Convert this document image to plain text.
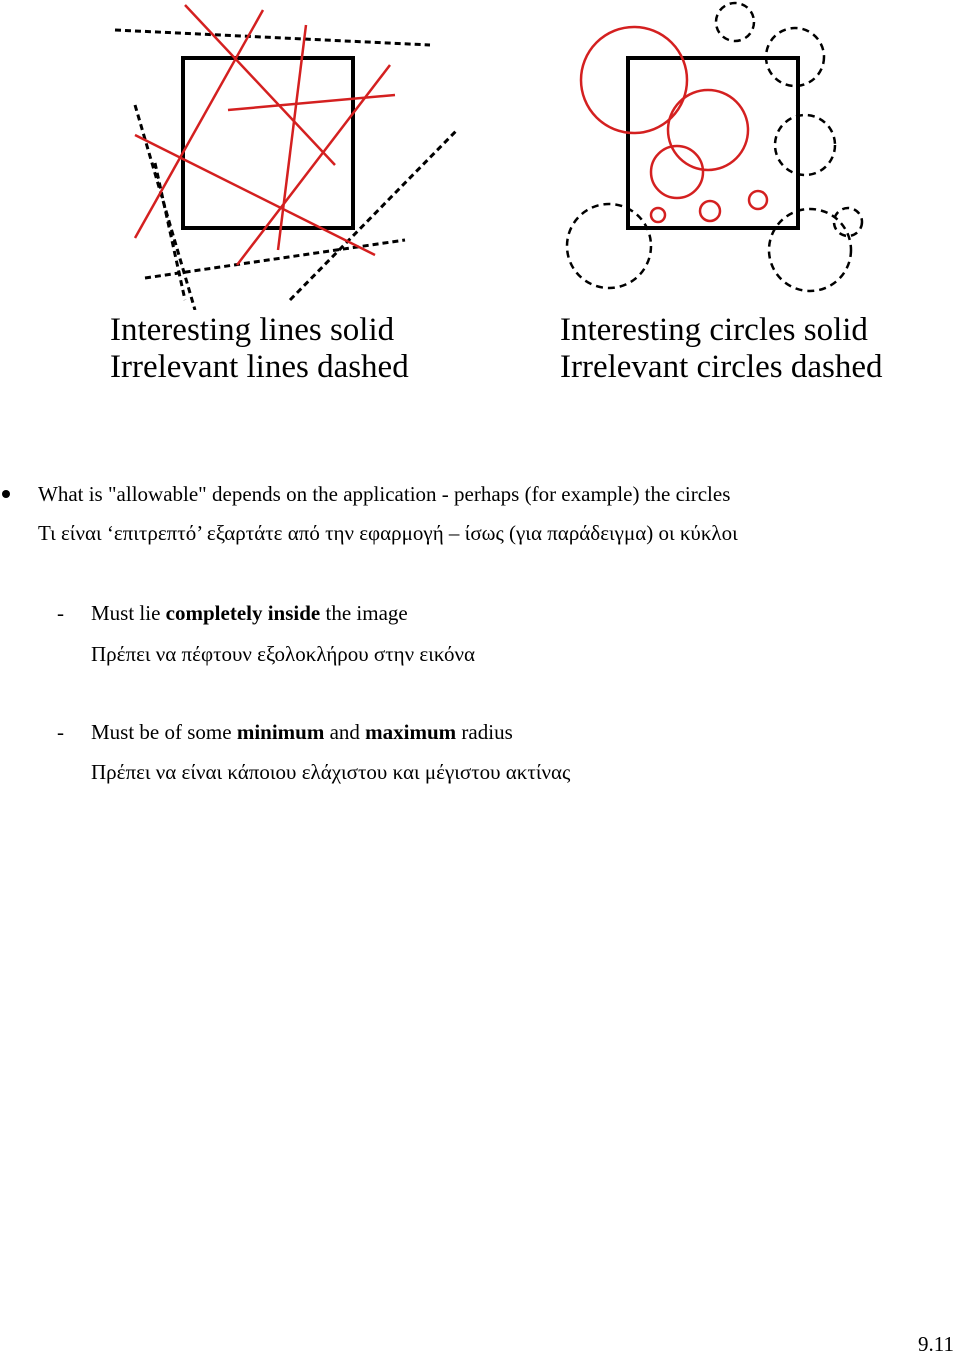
Interesting lines solid
Irrelevant lines dashed
Interesting circles solid
Irrelevant circles dashed
What is "allowable" depends on the application - perhaps (for example) the circles
Τι είναι ‘επιτρεπτό’ εξαρτάτε από την εφαρμογή – ίσως (για παράδειγμα) οι κύκλοι
- Must lie completely inside the image
Πρέπει να πέφτουν εξολοκλήρου στην εικόνα
- Must be of some minimum and maximum radius
Πρέπει να είναι κάποιου ελάχιστου και μέγιστου ακτίνας
9.11
